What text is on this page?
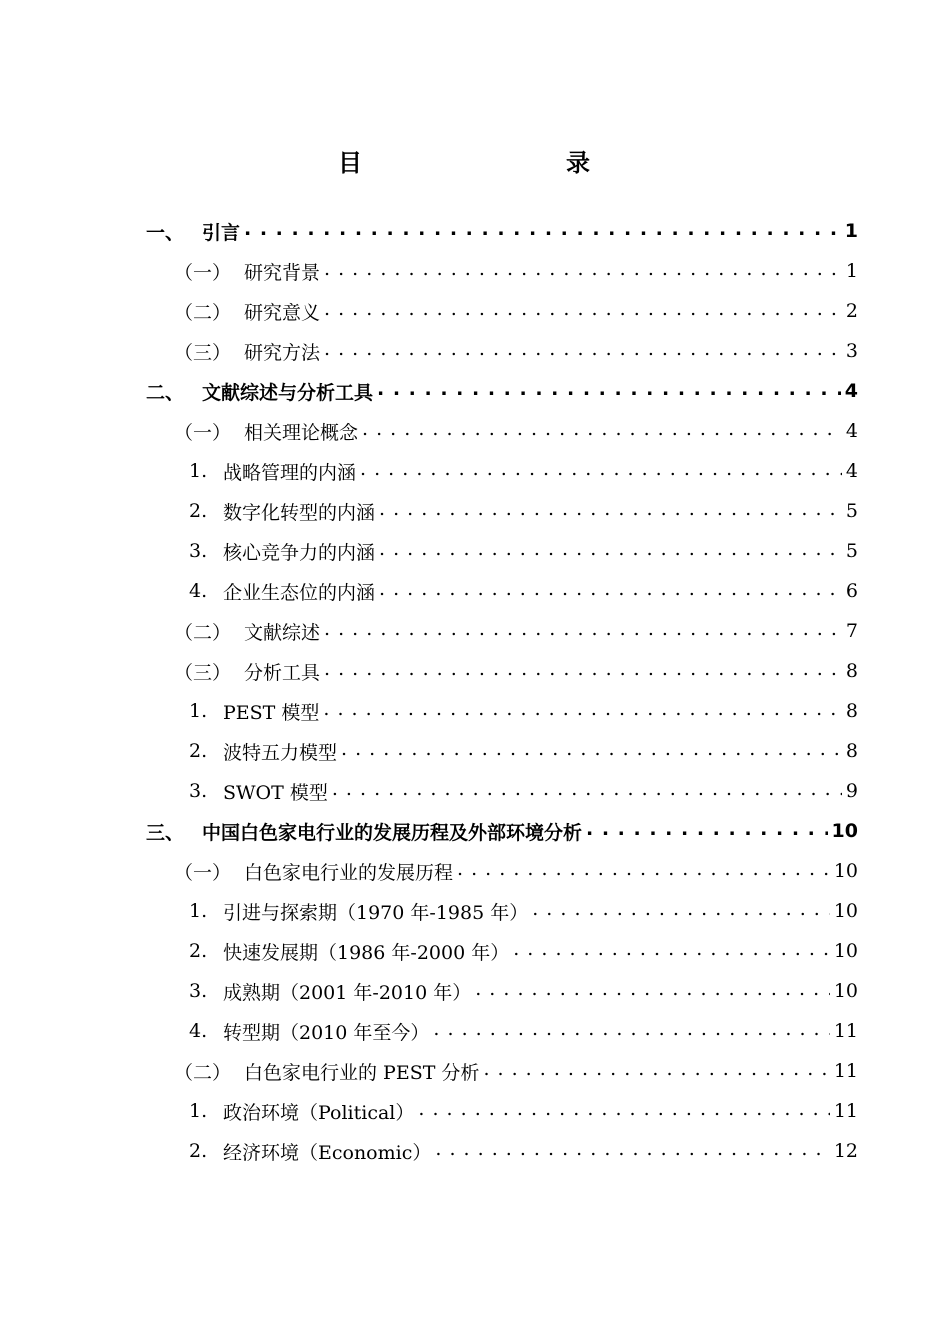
目　　录
一、 引言 . . .	1
（一） 研究背景 . . .	1
（二） 研究意义 . . .	2
（三） 研究方法 . . .	3
二、 文献综述与分析工具 . . .	4
（一） 相关理论概念 . . .	4
1. 战略管理的内涵 . . .	4
2. 数字化转型的内涵 . . .	5
3. 核心竞争力的内涵 . . .	5
4. 企业生态位的内涵 . . .	6
（二） 文献综述 . . .	7
（三） 分析工具 . . .	8
1. PEST 模型 . . .	8
2. 波特五力模型 . . .	8
3. SWOT 模型 . . .	9
三、 中国白色家电行业的发展历程及外部环境分析 . . .	10
（一） 白色家电行业的发展历程 . . .	10
1. 引进与探索期（1970 年-1985 年） . . .	10
2. 快速发展期（1986 年-2000 年） . . .	10
3. 成熟期（2001 年-2010 年） . . .	10
4. 转型期（2010 年至今） . . .	11
（二） 白色家电行业的 PEST 分析 . . .	11
1. 政治环境（Political） . . .	11
2. 经济环境（Economic） . . .	12
